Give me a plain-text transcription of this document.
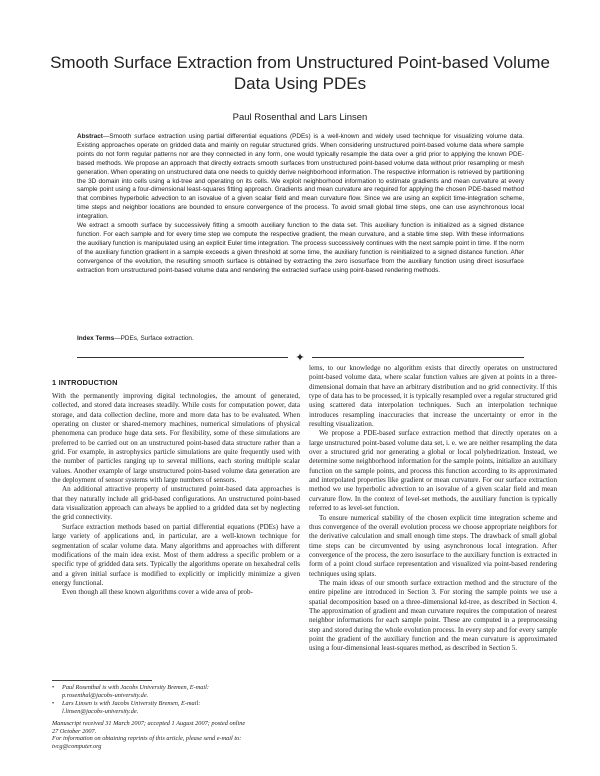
Smooth Surface Extraction from Unstructured Point-based Volume Data Using PDEs
Paul Rosenthal and Lars Linsen

Abstract—Smooth surface extraction using partial differential equations (PDEs) is a well-known and widely used technique for visualizing volume data. Existing approaches operate on gridded data and mainly on regular structured grids. When considering unstructured point-based volume data where sample points do not form regular patterns nor are they connected in any form, one would typically resample the data over a grid prior to applying the known PDE-based methods. We propose an approach that directly extracts smooth surfaces from unstructured point-based volume data without prior resampling or mesh generation. When operating on unstructured data one needs to quickly derive neighborhood information. The respective information is retrieved by partitioning the 3D domain into cells using a kd-tree and operating on its cells. We exploit neighborhood information to estimate gradients and mean curvature at every sample point using a four-dimensional least-squares fitting approach. Gradients and mean curvature are required for applying the chosen PDE-based method that combines hyperbolic advection to an isovalue of a given scalar field and mean curvature flow. Since we are using an explicit time-integration scheme, time steps and neighbor locations are bounded to ensure convergence of the process. To avoid small global time steps, one can use asynchronous local integration.

We extract a smooth surface by successively fitting a smooth auxiliary function to the data set. This auxiliary function is initialized as a signed distance function. For each sample and for every time step we compute the respective gradient, the mean curvature, and a stable time step. With these informations the auxiliary function is manipulated using an explicit Euler time integration. The process successively continues with the next sample point in time. If the norm of the auxiliary function gradient in a sample exceeds a given threshold at some time, the auxiliary function is reinitialized to a signed distance function. After convergence of the evolution, the resulting smooth surface is obtained by extracting the zero isosurface from the auxiliary function using direct isosurface extraction from unstructured point-based volume data and rendering the extracted surface using point-based rendering methods.

Index Terms—PDEs, Surface extraction.
✦
1 INTRODUCTION

With the permanently improving digital technologies, the amount of generated, collected, and stored data increases steadily. While costs for computation power, data storage, and data collection decline, more and more data has to be evaluated. When operating on cluster or shared-memory machines, numerical simulations of physical phenomena can produce huge data sets. For flexibility, some of these simulations are preferred to be carried out on an unstructured point-based data structure rather than a grid. For example, in astrophysics particle simulations are quite frequently used with the number of particles ranging up to several millions, each storing multiple scalar values. Another example of large unstructured point-based volume data generation are the deployment of sensor systems with large numbers of sensors.

An additional attractive property of unstructured point-based data approaches is that they naturally include all grid-based configurations. An unstructured point-based data visualization approach can always be applied to a gridded data set by neglecting the grid connectivity.

Surface extraction methods based on partial differential equations (PDEs) have a large variety of applications and, in particular, are a well-known technique for segmentation of scalar volume data. Many algorithms and approaches with different modifications of the main idea exist. Most of them address a specific problem or a specific type of gridded data sets. Typically the algorithms operate on hexahedral cells and a given initial surface is modified to explicitly or implicitly minimize a given energy functional.

Even though all these known algorithms cover a wide area of prob-

lems, to our knowledge no algorithm exists that directly operates on unstructured point-based volume data, where scalar function values are given at points in a three-dimensional domain that have an arbitrary distribution and no grid connectivity. If this type of data has to be processed, it is typically resampled over a regular structured grid using scattered data interpolation techniques. Such an interpolation technique introduces resampling inaccuracies that increase the uncertainty or error in the resulting visualization.

We propose a PDE-based surface extraction method that directly operates on a large unstructured point-based volume data set, i. e. we are neither resampling the data over a structured grid nor generating a global or local polyhedrization. Instead, we determine some neighborhood information for the sample points, initialize an auxiliary function on the sample points, and process this function according to its approximated and interpolated properties like gradient or mean curvature. For our surface extraction method we use hyperbolic advection to an isovalue of a given scalar field and mean curvature flow. In the context of level-set methods, the auxiliary function is typically referred to as level-set function.

To ensure numerical stability of the chosen explicit time integration scheme and thus convergence of the overall evolution process we choose appropriate neighbors for the derivative calculation and small enough time steps. The drawback of small global time steps can be circumvented by using asynchronous local integration. After convergence of the process, the zero isosurface to the auxiliary function is extracted in form of a point cloud surface representation and visualized via point-based rendering techniques using splats.

The main ideas of our smooth surface extraction method and the structure of the entire pipeline are introduced in Section 3. For storing the sample points we use a spatial decomposition based on a three-dimensional kd-tree, as described in Section 4. The approximation of gradient and mean curvature requires the computation of nearest neighbor informations for each sample point. These are computed in a preprocessing step and stored during the whole evolution process. In every step and for every sample point the gradient of the auxiliary function and the mean curvature is approximated using a four-dimensional least-squares method, as described in Section 5.

• Paul Rosenthal is with Jacobs University Bremen, E-mail:

p.rosenthal@jacobs-university.de.

• Lars Linsen is with Jacobs University Bremen, E-mail:

l.linsen@jacobs-university.de.

Manuscript received 31 March 2007; accepted 1 August 2007; posted online

27 October 2007.

For information on obtaining reprints of this article, please send e-mail to:

tvcg@computer.org
